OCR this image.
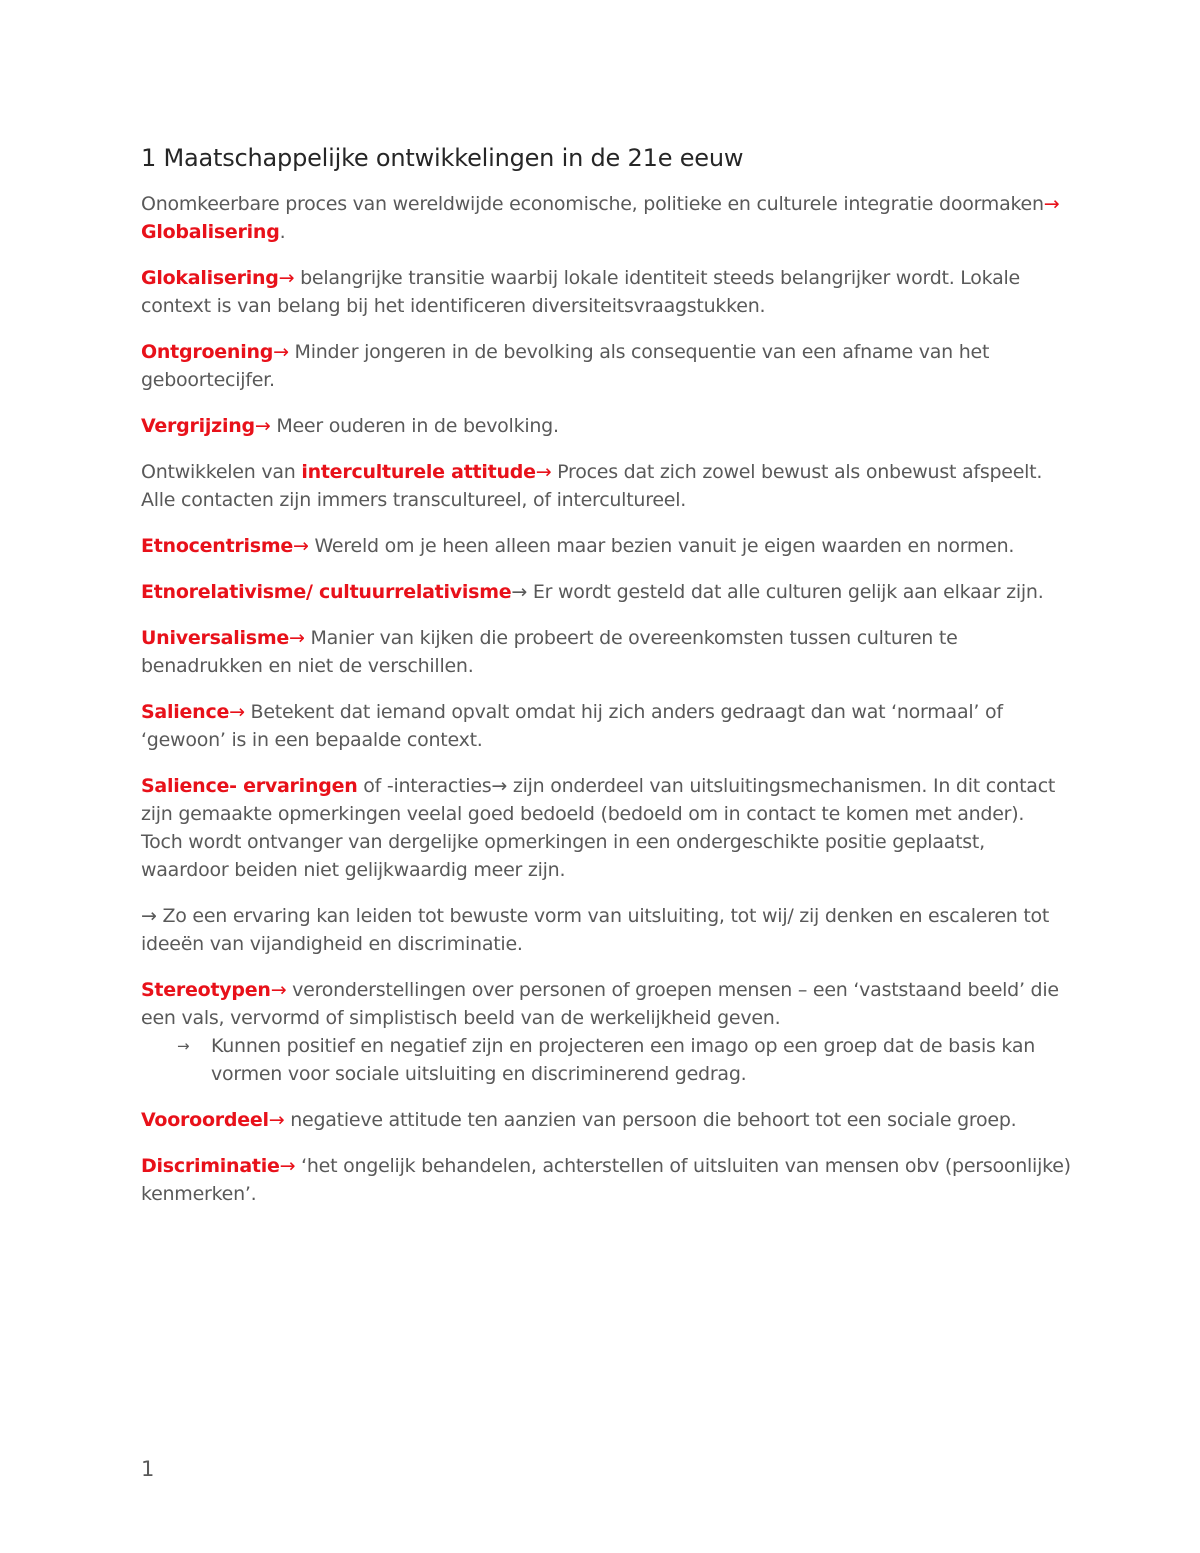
1 Maatschappelijke ontwikkelingen in de 21e eeuw

Onomkeerbare proces van wereldwijde economische, politieke en culturele integratie doormaken→ Globalisering.

Glokalisering→ belangrijke transitie waarbij lokale identiteit steeds belangrijker wordt. Lokale context is van belang bij het identificeren diversiteitsvraagstukken.

Ontgroening→ Minder jongeren in de bevolking als consequentie van een afname van het geboortecijfer.

Vergrijzing→ Meer ouderen in de bevolking.

Ontwikkelen van interculturele attitude→ Proces dat zich zowel bewust als onbewust afspeelt. Alle contacten zijn immers transcultureel, of intercultureel.

Etnocentrisme→ Wereld om je heen alleen maar bezien vanuit je eigen waarden en normen.

Etnorelativisme/ cultuurrelativisme→ Er wordt gesteld dat alle culturen gelijk aan elkaar zijn.

Universalisme→ Manier van kijken die probeert de overeenkomsten tussen culturen te benadrukken en niet de verschillen.

Salience→ Betekent dat iemand opvalt omdat hij zich anders gedraagt dan wat ‘normaal’ of ‘gewoon’ is in een bepaalde context.

Salience- ervaringen of -interacties→ zijn onderdeel van uitsluitingsmechanismen. In dit contact zijn gemaakte opmerkingen veelal goed bedoeld (bedoeld om in contact te komen met ander). Toch wordt ontvanger van dergelijke opmerkingen in een ondergeschikte positie geplaatst, waardoor beiden niet gelijkwaardig meer zijn.

→ Zo een ervaring kan leiden tot bewuste vorm van uitsluiting, tot wij/ zij denken en escaleren tot ideeën van vijandigheid en discriminatie.

Stereotypen→ veronderstellingen over personen of groepen mensen – een ‘vaststaand beeld’ die een vals, vervormd of simplistisch beeld van de werkelijkheid geven.

→ Kunnen positief en negatief zijn en projecteren een imago op een groep dat de basis kan vormen voor sociale uitsluiting en discriminerend gedrag.

Vooroordeel→ negatieve attitude ten aanzien van persoon die behoort tot een sociale groep.

Discriminatie→ ‘het ongelijk behandelen, achterstellen of uitsluiten van mensen obv (persoonlijke) kenmerken’.

1
